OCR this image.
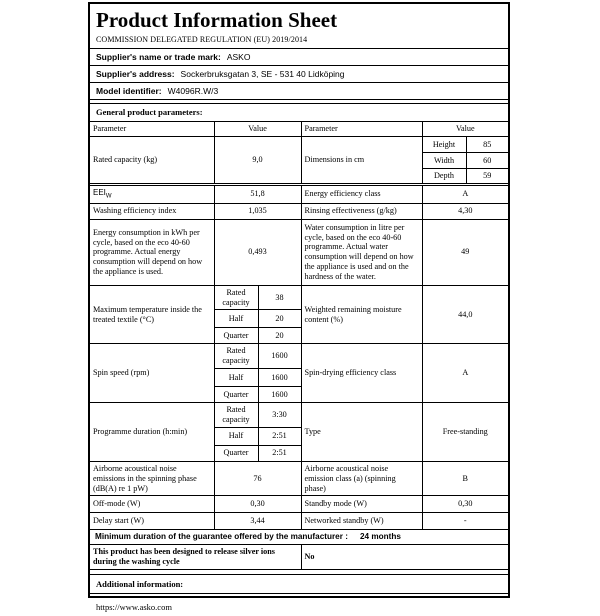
Product Information Sheet
COMMISSION DELEGATED REGULATION (EU) 2019/2014
Supplier's name or trade mark: ASKO
Supplier's address: Sockerbruksgatan 3, SE - 531 40 Lidköping
Model identifier: W4096R.W/3
General product parameters:
Parameter	Value		Parameter	Value	
Rated capacity (kg)	9,0		Dimensions in cm	Height	85
				Width	60
				Depth	59
$EEI_W$	51,8		Energy efficiency class	A	
Washing efficiency index	1,035		Rinsing effectiveness (g/kg)	4,30	
Energy consumption in kWh per cycle, based on the eco 40-60 programme. Actual energy consumption will depend on how the appliance is used.	0,493		Water consumption in litre per cycle, based on the eco 40-60 programme. Actual water consumption will depend on how the appliance is used and on the hardness of the water.	49	
Maximum temperature inside the treated textile (°C)	Rated capacity	38	Weighted remaining moisture content (%)	44,0	
	Half	20			
	Quarter	20			
Spin speed (rpm)	Rated capacity	1600	Spin-drying efficiency class	A	
	Half	1600			
	Quarter	1600			
Programme duration (h:min)	Rated capacity	3:30	Type	Free-standing	
	Half	2:51			
	Quarter	2:51			
Airborne acoustical noise emissions in the spinning phase (dB(A) re 1 pW)	76		Airborne acoustical noise emission class (a) (spinning phase)	B	
Off-mode (W)	0,30		Standby mode (W)	0,30	
Delay start (W)	3,44		Networked standby (W)	-	
Minimum duration of the guarantee offered by the manufacturer : 24 months					
This product has been designed to release silver ions during the washing cycle			No		
Additional information:
https://www.asko.com
